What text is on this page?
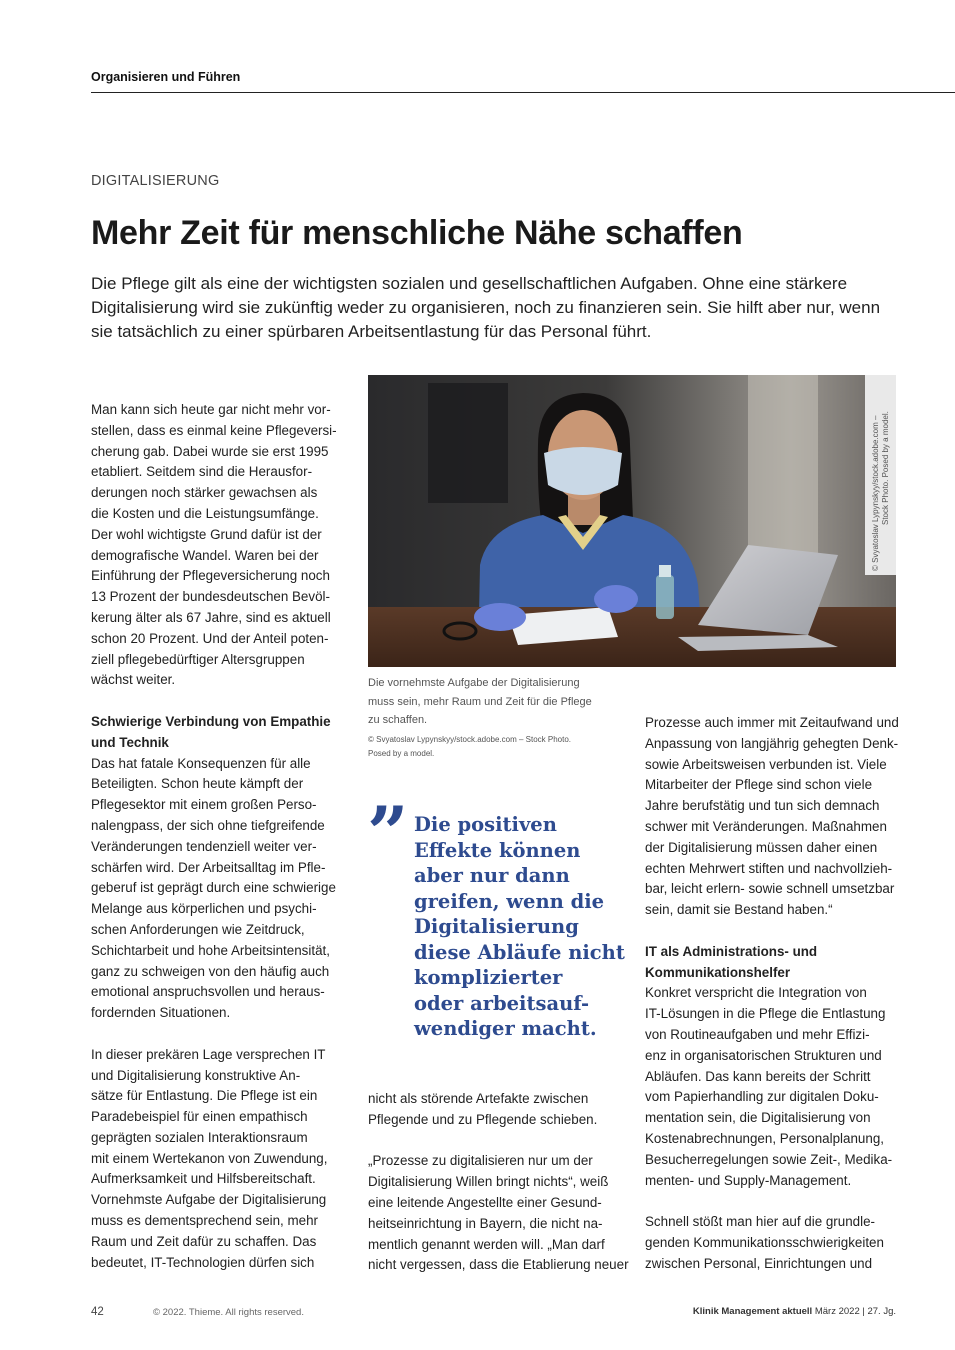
Organisieren und Führen
DIGITALISIERUNG
Mehr Zeit für menschliche Nähe schaffen
Die Pflege gilt als eine der wichtigsten sozialen und gesellschaftlichen Aufgaben. Ohne eine stärkere
Digitalisierung wird sie zukünftig weder zu organisieren, noch zu finanzieren sein. Sie hilft aber nur, wenn
sie tatsächlich zu einer spürbaren Arbeitsentlastung für das Personal führt.
Man kann sich heute gar nicht mehr vor-
stellen, dass es einmal keine Pflegeversi-
cherung gab. Dabei wurde sie erst 1995
etabliert. Seitdem sind die Herausfor-
derungen noch stärker gewachsen als
die Kosten und die Leistungsumfänge.
Der wohl wichtigste Grund dafür ist der
demografische Wandel. Waren bei der
Einführung der Pflegeversicherung noch
13 Prozent der bundesdeutschen Bevöl-
kerung älter als 67 Jahre, sind es aktuell
schon 20 Prozent. Und der Anteil poten-
ziell pflegebedürftiger Altersgruppen
wächst weiter.
Schwierige Verbindung von Empathie
und Technik
Das hat fatale Konsequenzen für alle
Beteiligten. Schon heute kämpft der
Pflegesektor mit einem großen Perso-
nalengpass, der sich ohne tiefgreifende
Veränderungen tendenziell weiter ver-
schärfen wird. Der Arbeitsalltag im Pfle-
geberuf ist geprägt durch eine schwierige
Melange aus körperlichen und psychi-
schen Anforderungen wie Zeitdruck,
Schichtarbeit und hohe Arbeitsintensität,
ganz zu schweigen von den häufig auch
emotional anspruchsvollen und heraus-
fordernden Situationen.
In dieser prekären Lage versprechen IT
und Digitalisierung konstruktive An-
sätze für Entlastung. Die Pflege ist ein
Paradebeispiel für einen empathisch
geprägten sozialen Interaktionsraum
mit einem Wertekanon von Zuwendung,
Aufmerksamkeit und Hilfsbereitschaft.
Vornehmste Aufgabe der Digitalisierung
muss es dementsprechend sein, mehr
Raum und Zeit dafür zu schaffen. Das
bedeutet, IT-Technologien dürfen sich
© Svyatoslav Lypynskyy/stock.adobe.com – Stock Photo. Posed by a model.
Die vornehmste Aufgabe der Digitalisierung
muss sein, mehr Raum und Zeit für die Pflege
zu schaffen.
© Svyatoslav Lypynskyy/stock.adobe.com – Stock Photo.
Posed by a model.
” Die positiven
Effekte können
aber nur dann
greifen, wenn die
Digitalisierung
diese Abläufe nicht
komplizierter
oder arbeitsauf-
wendiger macht.
nicht als störende Artefakte zwischen
Pflegende und zu Pflegende schieben.
„Prozesse zu digitalisieren nur um der
Digitalisierung Willen bringt nichts“, weiß
eine leitende Angestellte einer Gesund-
heitseinrichtung in Bayern, die nicht na-
mentlich genannt werden will. „Man darf
nicht vergessen, dass die Etablierung neuer
Prozesse auch immer mit Zeitaufwand und
Anpassung von langjährig gehegten Denk-
sowie Arbeitsweisen verbunden ist. Viele
Mitarbeiter der Pflege sind schon viele
Jahre berufstätig und tun sich demnach
schwer mit Veränderungen. Maßnahmen
der Digitalisierung müssen daher einen
echten Mehrwert stiften und nachvollzieh-
bar, leicht erlern- sowie schnell umsetzbar
sein, damit sie Bestand haben.“
IT als Administrations- und
Kommunikationshelfer
Konkret verspricht die Integration von
IT-Lösungen in die Pflege die Entlastung
von Routineaufgaben und mehr Effizi-
enz in organisatorischen Strukturen und
Abläufen. Das kann bereits der Schritt
vom Papierhandling zur digitalen Doku-
mentation sein, die Digitalisierung von
Kostenabrechnungen, Personalplanung,
Besucherregelungen sowie Zeit-, Medika-
menten- und Supply-Management.
Schnell stößt man hier auf die grundle-
genden Kommunikationsschwierigkeiten
zwischen Personal, Einrichtungen und
42	© 2022. Thieme. All rights reserved.	Klinik Management aktuell März 2022 | 27. Jg.
